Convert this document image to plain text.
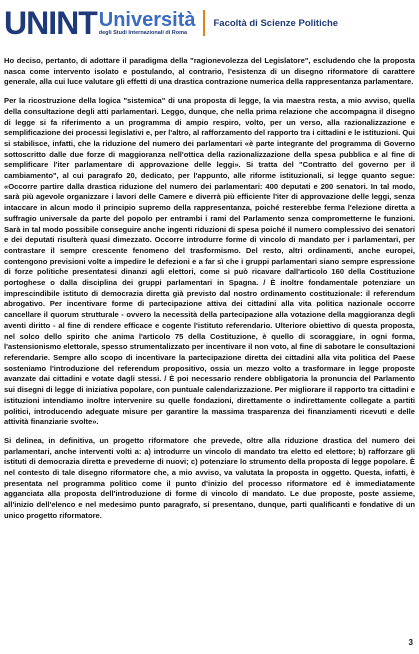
UNINT Università
degli Studi Internazionali di Roma
Facoltà di Scienze Politiche

Ho deciso, pertanto, di adottare il paradigma della "ragionevolezza del Legislatore", escludendo che la proposta nasca come intervento isolato e postulando, al contrario, l'esistenza di un disegno riformatore di carattere generale, alla cui luce valutare gli effetti di una drastica contrazione numerica della rappresentanza parlamentare.

Per la ricostruzione della logica "sistemica" di una proposta di legge, la via maestra resta, a mio avviso, quella della consultazione degli atti parlamentari. Leggo, dunque, che nella prima relazione che accompagna il disegno di legge si fa riferimento a un programma di ampio respiro, volto, per un verso, alla razionalizzazione e semplificazione dei processi legislativi e, per l'altro, al rafforzamento del rapporto tra i cittadini e le istituzioni. Qui si stabilisce, infatti, che la riduzione del numero dei parlamentari «è parte integrante del programma di Governo sottoscritto dalle due forze di maggioranza nell'ottica della razionalizzazione della spesa pubblica e al fine di semplificare l'iter parlamentare di approvazione delle leggi». Si tratta del "Contratto del governo per il cambiamento", al cui paragrafo 20, dedicato, per l'appunto, alle riforme istituzionali, si legge quanto segue: «Occorre partire dalla drastica riduzione del numero dei parlamentari: 400 deputati e 200 senatori. In tal modo, sarà più agevole organizzare i lavori delle Camere e diverrà più efficiente l'iter di approvazione delle leggi, senza intaccare in alcun modo il principio supremo della rappresentanza, poiché resterebbe ferma l'elezione diretta a suffragio universale da parte del popolo per entrambi i rami del Parlamento senza comprometterne le funzioni. Sarà in tal modo possibile conseguire anche ingenti riduzioni di spesa poiché il numero complessivo dei senatori e dei deputati risulterà quasi dimezzato. Occorre introdurre forme di vincolo di mandato per i parlamentari, per contrastare il sempre crescente fenomeno del trasformismo. Del resto, altri ordinamenti, anche europei, contengono previsioni volte a impedire le defezioni e a far sì che i gruppi parlamentari siano sempre espressione di forze politiche presentatesi dinanzi agli elettori, come si può ricavare dall'articolo 160 della Costituzione portoghese o dalla disciplina dei gruppi parlamentari in Spagna. / È inoltre fondamentale potenziare un imprescindibile istituto di democrazia diretta già previsto dal nostro ordinamento costituzionale: il referendum abrogativo. Per incentivare forme di partecipazione attiva dei cittadini alla vita politica nazionale occorre cancellare il quorum strutturale - ovvero la necessità della partecipazione alla votazione della maggioranza degli aventi diritto - al fine di rendere efficace e cogente l'istituto referendario. Ulteriore obiettivo di questa proposta, nel solco dello spirito che anima l'articolo 75 della Costituzione, è quello di scoraggiare, in ogni forma, l'astensionismo elettorale, spesso strumentalizzato per incentivare il non voto, al fine di sabotare le consultazioni referendarie. Sempre allo scopo di incentivare la partecipazione diretta dei cittadini alla vita politica del Paese sosteniamo l'introduzione del referendum propositivo, ossia un mezzo volto a trasformare in legge proposte avanzate dai cittadini e votate dagli stessi. / È poi necessario rendere obbligatoria la pronuncia del Parlamento sui disegni di legge di iniziativa popolare, con puntuale calendarizzazione. Per migliorare il rapporto tra cittadini e istituzioni intendiamo inoltre intervenire su quelle fondazioni, direttamente o indirettamente collegate a partiti politici, introducendo adeguate misure per garantire la massima trasparenza dei finanziamenti ricevuti e delle attività finanziarie svolte».

Si delinea, in definitiva, un progetto riformatore che prevede, oltre alla riduzione drastica del numero dei parlamentari, anche interventi volti a: a) introdurre un vincolo di mandato tra eletto ed elettore; b) rafforzare gli istituti di democrazia diretta e prevederne di nuovi; c) potenziare lo strumento della proposta di legge popolare. È nel contesto di tale disegno riformatore che, a mio avviso, va valutata la proposta in oggetto. Questa, infatti, è presentata nel programma politico come il punto d'inizio del processo riformatore ed è immediatamente agganciata alla proposta dell'introduzione di forme di vincolo di mandato. Le due proposte, poste assieme, all'inizio dell'elenco e nel medesimo punto paragrafo, si presentano, dunque, parti qualificanti e fondative di un unico progetto riformatore.

3
